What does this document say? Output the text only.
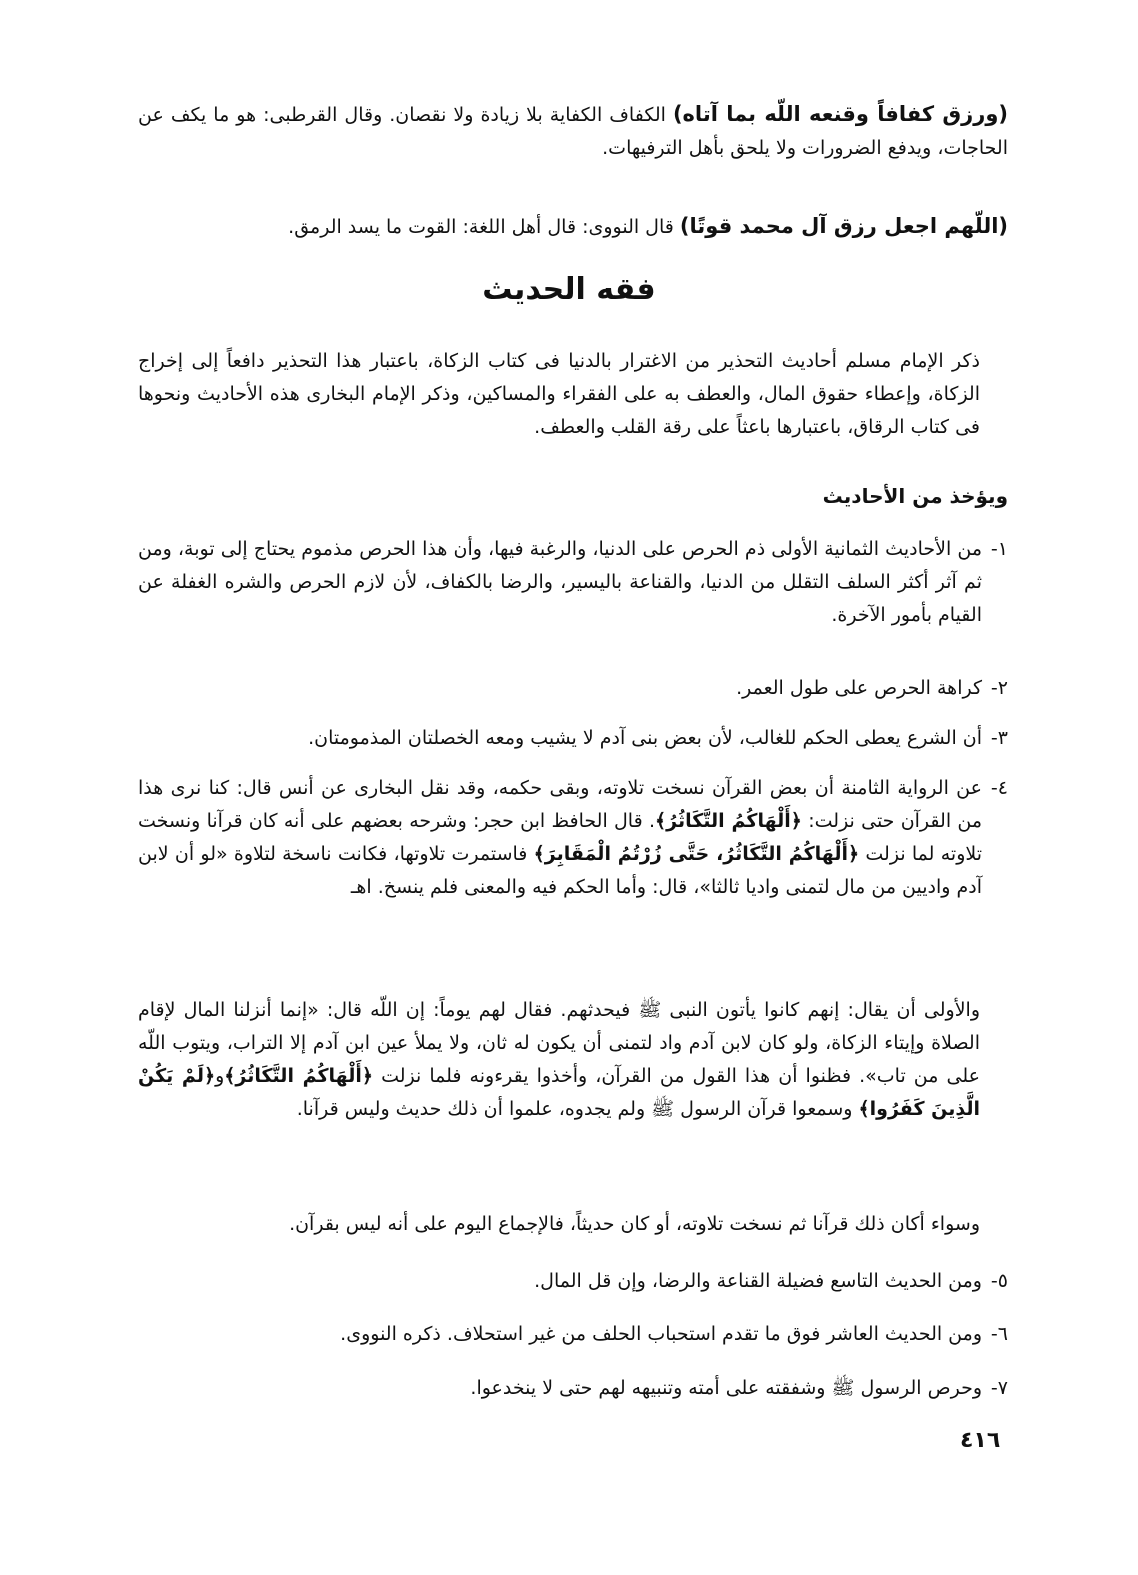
(ورزق كفافاً وقنعه اللّه بما آتاه) الكفاف الكفاية بلا زيادة ولا نقصان. وقال القرطبى: هو ما يكف عن الحاجات، ويدفع الضرورات ولا يلحق بأهل الترفيهات.

(اللّهم اجعل رزق آل محمد قوتًا) قال النووى: قال أهل اللغة: القوت ما يسد الرمق.

فقه الحديث

ذكر الإمام مسلم أحاديث التحذير من الاغترار بالدنيا فى كتاب الزكاة، باعتبار هذا التحذير دافعاً إلى إخراج الزكاة، وإعطاء حقوق المال، والعطف به على الفقراء والمساكين، وذكر الإمام البخارى هذه الأحاديث ونحوها فى كتاب الرقاق، باعتبارها باعثاً على رقة القلب والعطف.

ويؤخذ من الأحاديث

١-

من الأحاديث الثمانية الأولى ذم الحرص على الدنيا، والرغبة فيها، وأن هذا الحرص مذموم يحتاج إلى توبة، ومن ثم آثر أكثر السلف التقلل من الدنيا، والقناعة باليسير، والرضا بالكفاف، لأن لازم الحرص والشره الغفلة عن القيام بأمور الآخرة.

٢-

كراهة الحرص على طول العمر.

٣-

أن الشرع يعطى الحكم للغالب، لأن بعض بنى آدم لا يشيب ومعه الخصلتان المذمومتان.

٤-

عن الرواية الثامنة أن بعض القرآن نسخت تلاوته، وبقى حكمه، وقد نقل البخارى عن أنس قال: كنا نرى هذا من القرآن حتى نزلت: ﴿أَلْهَاكُمُ التَّكَاثُرُ﴾. قال الحافظ ابن حجر: وشرحه بعضهم على أنه كان قرآنا ونسخت تلاوته لما نزلت ﴿أَلْهَاكُمُ التَّكَاثُرُ، حَتَّى زُرْتُمُ الْمَقَابِرَ﴾ فاستمرت تلاوتها، فكانت ناسخة لتلاوة «لو أن لابن آدم واديين من مال لتمنى واديا ثالثا»، قال: وأما الحكم فيه والمعنى فلم ينسخ. اهـ

والأولى أن يقال: إنهم كانوا يأتون النبى ﷺ فيحدثهم. فقال لهم يوماً: إن اللّه قال: «إنما أنزلنا المال لإقام الصلاة وإيتاء الزكاة، ولو كان لابن آدم واد لتمنى أن يكون له ثان، ولا يملأ عين ابن آدم إلا التراب، ويتوب اللّه على من تاب». فظنوا أن هذا القول من القرآن، وأخذوا يقرءونه فلما نزلت ﴿أَلْهَاكُمُ التَّكَاثُرُ﴾و﴿لَمْ يَكُنْ الَّذِينَ كَفَرُوا﴾ وسمعوا قرآن الرسول ﷺ ولم يجدوه، علموا أن ذلك حديث وليس قرآنا.

وسواء أكان ذلك قرآنا ثم نسخت تلاوته، أو كان حديثاً، فالإجماع اليوم على أنه ليس بقرآن.

٥-

ومن الحديث التاسع فضيلة القناعة والرضا، وإن قل المال.

٦-

ومن الحديث العاشر فوق ما تقدم استحباب الحلف من غير استحلاف. ذكره النووى.

٧-

وحرص الرسول ﷺ وشفقته على أمته وتنبيهه لهم حتى لا ينخدعوا.

٤١٦
